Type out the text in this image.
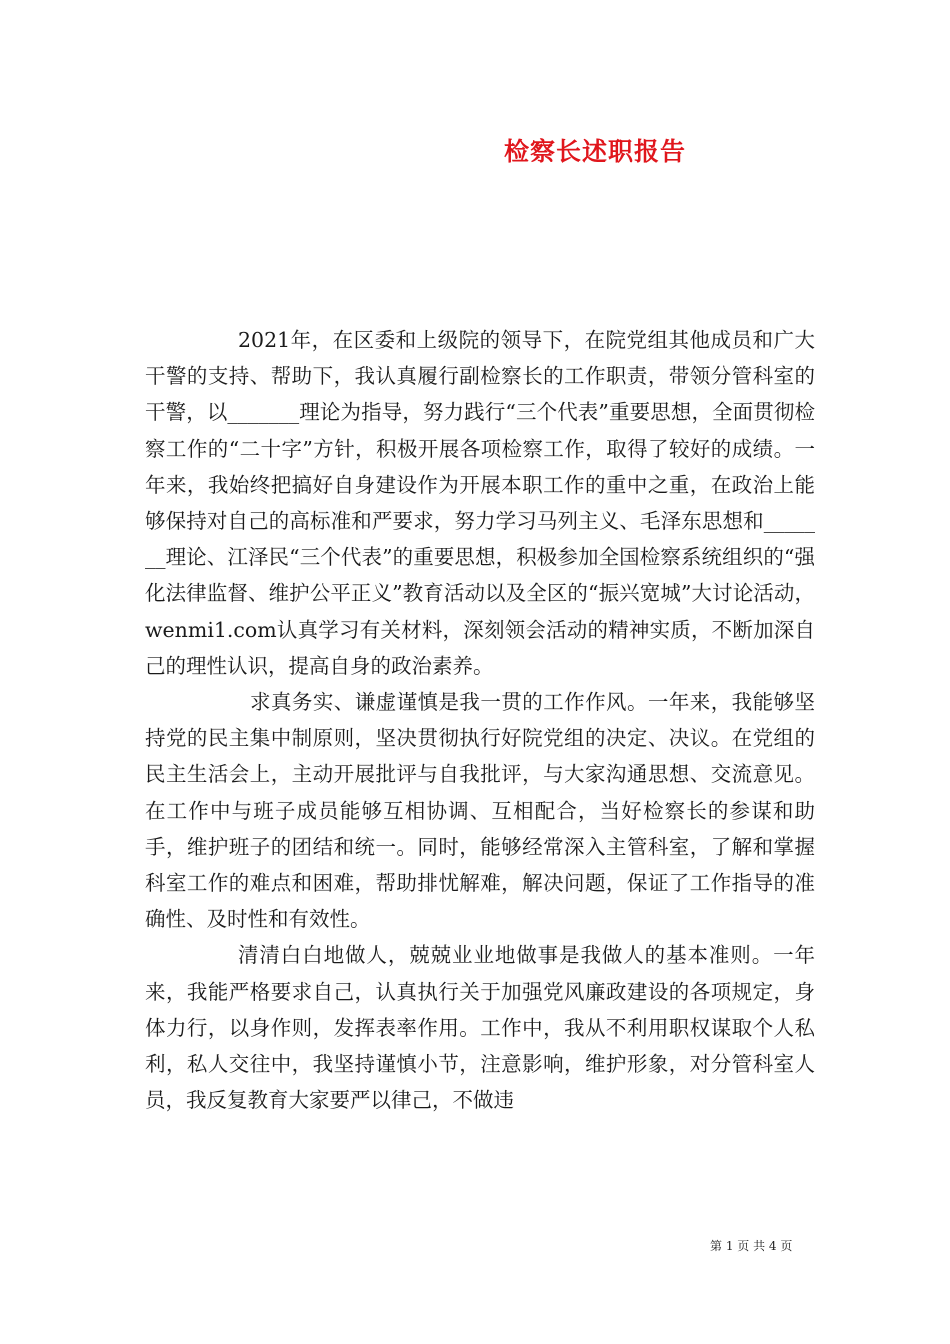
检察长述职报告

2021年，在区委和上级院的领导下，在院党组其他成员和广大干警的支持、帮助下，我认真履行副检察长的工作职责，带领分管科室的干警，以_______理论为指导，努力践行“三个代表”重要思想，全面贯彻检察工作的“二十字”方针，积极开展各项检察工作，取得了较好的成绩。一年来，我始终把搞好自身建设作为开展本职工作的重中之重，在政治上能够保持对自己的高标准和严要求，努力学习马列主义、毛泽东思想和_______理论、江泽民“三个代表”的重要思想，积极参加全国检察系统组织的“强化法律监督、维护公平正义”教育活动以及全区的“振兴宽城”大讨论活动，wenmi1.com认真学习有关材料，深刻领会活动的精神实质，不断加深自己的理性认识，提高自身的政治素养。

求真务实、谦虚谨慎是我一贯的工作作风。一年来，我能够坚持党的民主集中制原则，坚决贯彻执行好院党组的决定、决议。在党组的民主生活会上，主动开展批评与自我批评，与大家沟通思想、交流意见。在工作中与班子成员能够互相协调、互相配合，当好检察长的参谋和助手，维护班子的团结和统一。同时，能够经常深入主管科室，了解和掌握科室工作的难点和困难，帮助排忧解难，解决问题，保证了工作指导的准确性、及时性和有效性。

清清白白地做人，兢兢业业地做事是我做人的基本准则。一年来，我能严格要求自己，认真执行关于加强党风廉政建设的各项规定，身体力行，以身作则，发挥表率作用。工作中，我从不利用职权谋取个人私利，私人交往中，我坚持谨慎小节，注意影响，维护形象，对分管科室人员，我反复教育大家要严以律己，不做违

第 1 页 共 4 页
